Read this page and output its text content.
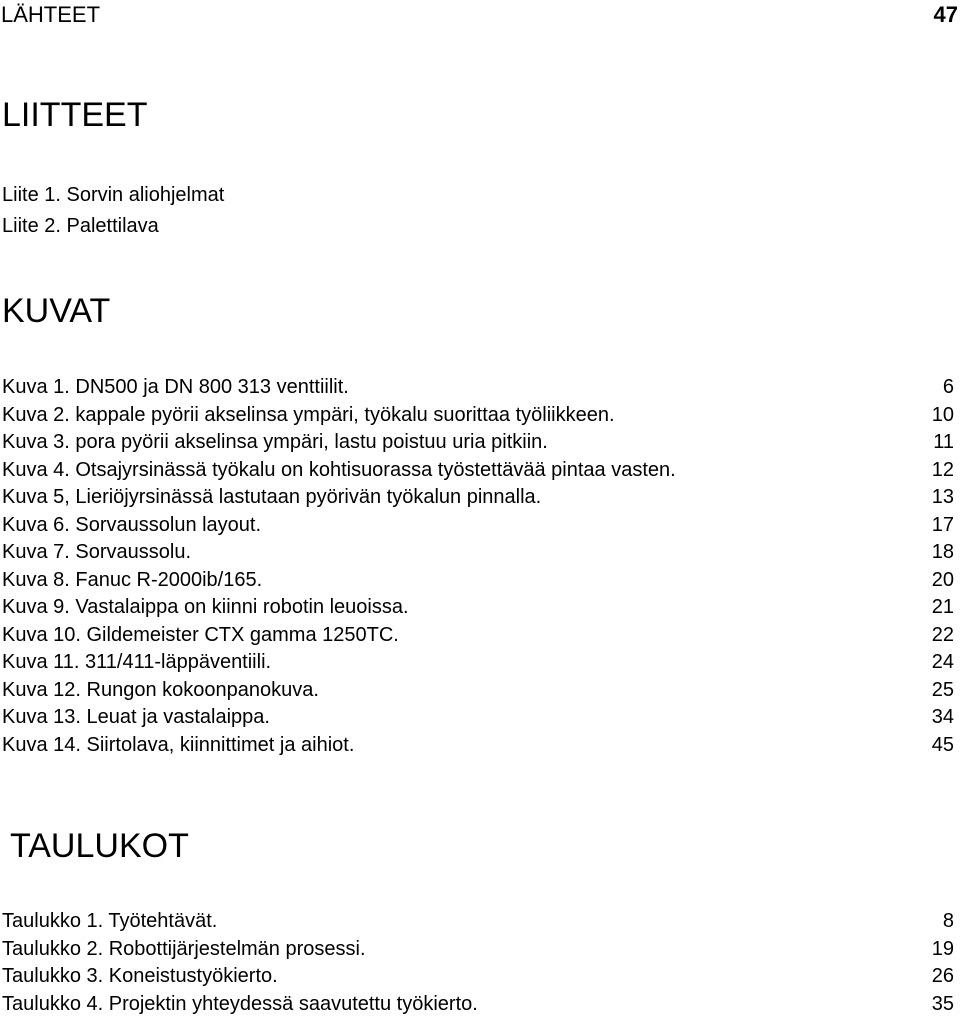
LÄHTEET	47
LIITTEET
Liite 1. Sorvin aliohjelmat
Liite 2. Palettilava
KUVAT
Kuva 1. DN500 ja DN 800 313 venttiilit.	6
Kuva 2. kappale pyörii akselinsa ympäri, työkalu suorittaa työliikkeen.	10
Kuva 3. pora pyörii akselinsa ympäri, lastu poistuu uria pitkiin.	11
Kuva 4. Otsajyrsinässä työkalu on kohtisuorassa työstettävää pintaa vasten.	12
Kuva 5, Lieriöjyrsinässä lastutaan pyörivän työkalun pinnalla.	13
Kuva 6. Sorvaussolun layout.	17
Kuva 7. Sorvaussolu.	18
Kuva 8. Fanuc R-2000ib/165.	20
Kuva 9. Vastalaippa on kiinni robotin leuoissa.	21
Kuva 10. Gildemeister CTX gamma 1250TC.	22
Kuva 11. 311/411-läppäventiili.	24
Kuva 12. Rungon kokoonpanokuva.	25
Kuva 13. Leuat ja vastalaippa.	34
Kuva 14. Siirtolava, kiinnittimet ja aihiot.	45
TAULUKOT
Taulukko 1. Työtehtävät.	8
Taulukko 2. Robottijärjestelmän prosessi.	19
Taulukko 3. Koneistustyökierto.	26
Taulukko 4. Projektin yhteydessä saavutettu työkierto.	35
